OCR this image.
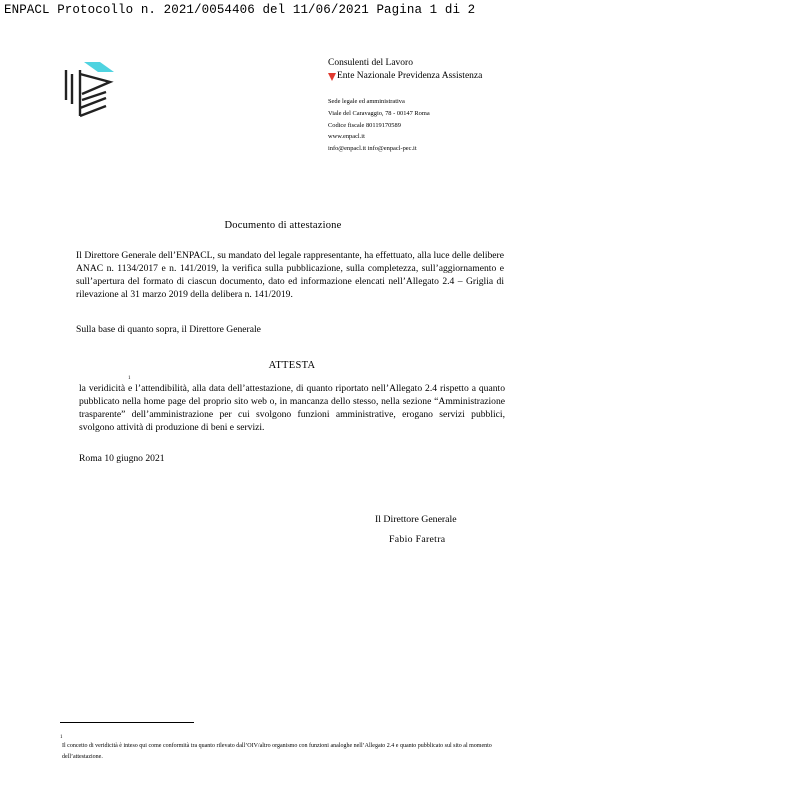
ENPACL Protocollo n. 2021/0054406 del 11/06/2021 Pagina 1 di 2
Consulenti del Lavoro
Ente Nazionale Previdenza Assistenza
Sede legale ed amministrativa
Viale del Caravaggio, 78 - 00147 Roma
Codice fiscale 80119170589
www.enpacl.it
info@enpacl.it info@enpacl-pec.it
Documento di attestazione
Il Direttore Generale dell’ENPACL, su mandato del legale rappresentante, ha effettuato, alla luce delle delibere ANAC n. 1134/2017 e n. 141/2019, la verifica sulla pubblicazione, sulla completezza, sull’aggiornamento e sull’apertura del formato di ciascun documento, dato ed informazione elencati nell’Allegato 2.4 – Griglia di rilevazione al 31 marzo 2019 della delibera n. 141/2019.
Sulla base di quanto sopra, il Direttore Generale
ATTESTA
1
la veridicità e l’attendibilità, alla data dell’attestazione, di quanto riportato nell’Allegato 2.4 rispetto a quanto pubblicato nella home page del proprio sito web o, in mancanza dello stesso, nella sezione “Amministrazione trasparente” dell’amministrazione per cui svolgono funzioni amministrative, erogano servizi pubblici, svolgono attività di produzione di beni e servizi.
Roma 10 giugno 2021
Il Direttore Generale
Fabio Faretra
1
Il concetto di veridicità è inteso qui come conformità tra quanto rilevato dall’OIV/altro organismo con funzioni analoghe nell’Allegato 2.4 e quanto pubblicato sul sito al momento dell’attestazione.
